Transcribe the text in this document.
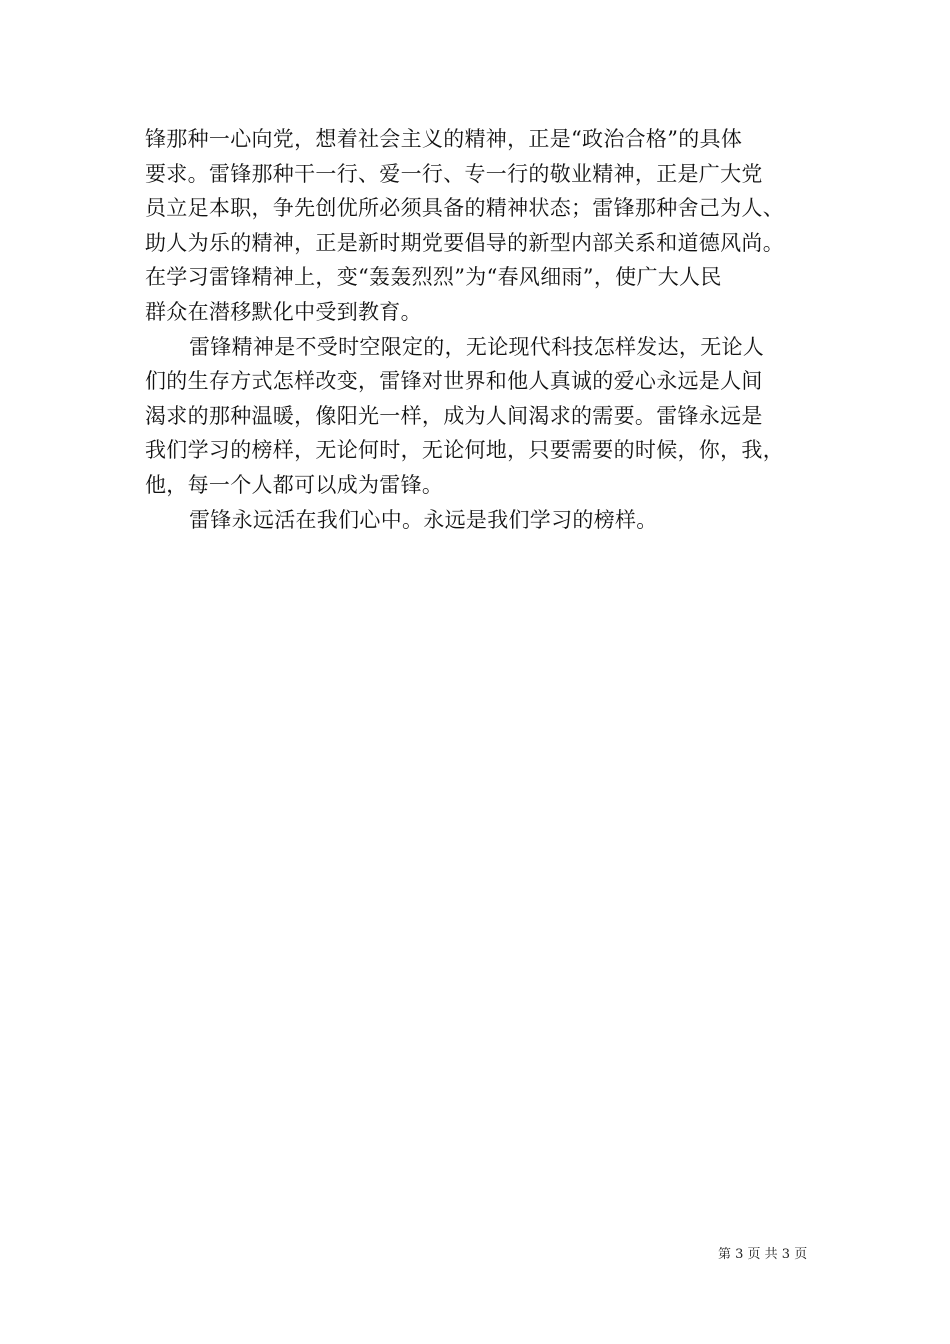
锋那种一心向党，想着社会主义的精神，正是“政治合格”的具体
要求。雷锋那种干一行、爱一行、专一行的敬业精神，正是广大党
员立足本职，争先创优所必须具备的精神状态；雷锋那种舍己为人、
助人为乐的精神，正是新时期党要倡导的新型内部关系和道德风尚。
在学习雷锋精神上，变“轰轰烈烈”为“春风细雨”，使广大人民
群众在潜移默化中受到教育。
雷锋精神是不受时空限定的，无论现代科技怎样发达，无论人
们的生存方式怎样改变，雷锋对世界和他人真诚的爱心永远是人间
渴求的那种温暖，像阳光一样，成为人间渴求的需要。雷锋永远是
我们学习的榜样，无论何时，无论何地，只要需要的时候，你，我，
他，每一个人都可以成为雷锋。
雷锋永远活在我们心中。永远是我们学习的榜样。
第 3 页 共 3 页
